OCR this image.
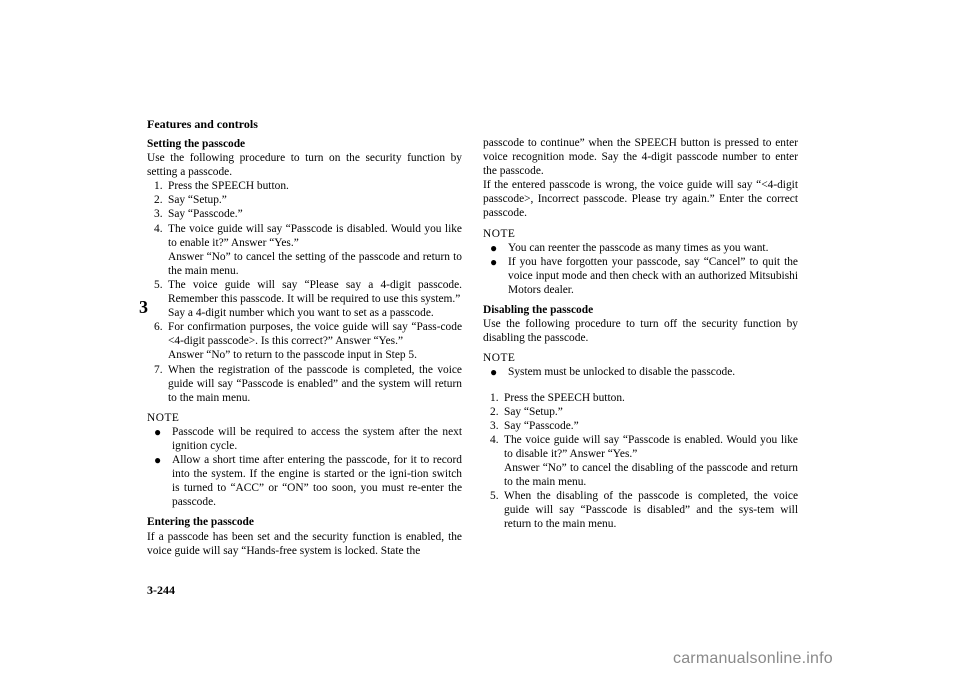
Features and controls
3
Setting the passcode

Use the following procedure to turn on the security function by setting a passcode.

1. Press the SPEECH button.
2. Say “Setup.”
3. Say “Passcode.”
4. The voice guide will say “Passcode is disabled. Would you like to enable it?” Answer “Yes.”
Answer “No” to cancel the setting of the passcode and return to the main menu.
5. The voice guide will say “Please say a 4-digit passcode. Remember this passcode. It will be required to use this system.”
Say a 4-digit number which you want to set as a passcode.
6. For confirmation purposes, the voice guide will say “Pass-code <4-digit passcode>. Is this correct?” Answer “Yes.”
Answer “No” to return to the passcode input in Step 5.
7. When the registration of the passcode is completed, the voice guide will say “Passcode is enabled” and the system will return to the main menu.
NOTE
● Passcode will be required to access the system after the next ignition cycle.
● Allow a short time after entering the passcode, for it to record into the system. If the engine is started or the igni-tion switch is turned to “ACC” or “ON” too soon, you must re-enter the passcode.
Entering the passcode

If a passcode has been set and the security function is enabled, the voice guide will say “Hands-free system is locked. State the

passcode to continue” when the SPEECH button is pressed to enter voice recognition mode. Say the 4-digit passcode number to enter the passcode.

If the entered passcode is wrong, the voice guide will say “<4-digit passcode>, Incorrect passcode. Please try again.” Enter the correct passcode.

NOTE
● You can reenter the passcode as many times as you want.
● If you have forgotten your passcode, say “Cancel” to quit the voice input mode and then check with an authorized Mitsubishi Motors dealer.
Disabling the passcode

Use the following procedure to turn off the security function by disabling the passcode.

NOTE
● System must be unlocked to disable the passcode.
1. Press the SPEECH button.
2. Say “Setup.”
3. Say “Passcode.”
4. The voice guide will say “Passcode is enabled. Would you like to disable it?” Answer “Yes.”
Answer “No” to cancel the disabling of the passcode and return to the main menu.
5. When the disabling of the passcode is completed, the voice guide will say “Passcode is disabled” and the sys-tem will return to the main menu.
3-244
carmanualsonline.info
